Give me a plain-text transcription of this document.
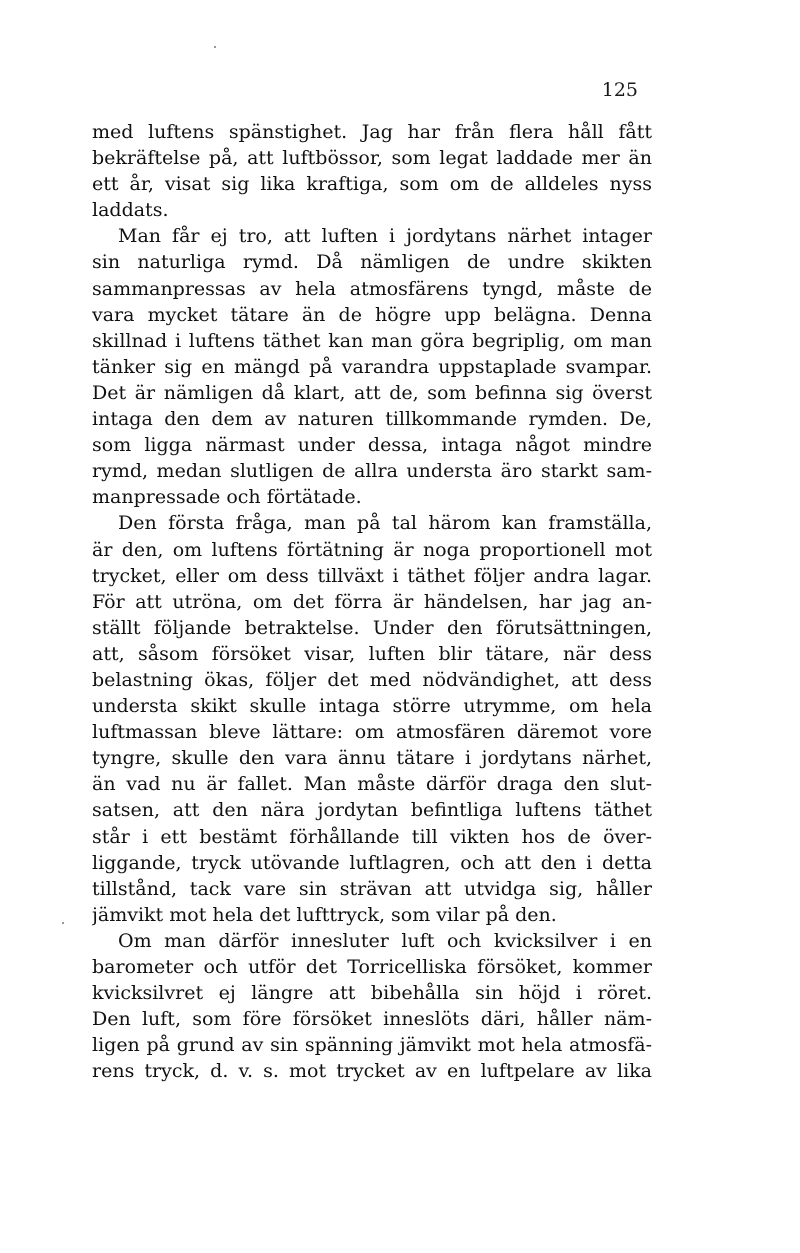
125
med luftens spänstighet. Jag har från flera håll fått
bekräftelse på, att luftbössor, som legat laddade mer än
ett år, visat sig lika kraftiga, som om de alldeles nyss
laddats.
Man får ej tro, att luften i jordytans närhet intager
sin naturliga rymd. Då nämligen de undre skikten
sammanpressas av hela atmosfärens tyngd, måste de
vara mycket tätare än de högre upp belägna. Denna
skillnad i luftens täthet kan man göra begriplig, om man
tänker sig en mängd på varandra uppstaplade svampar.
Det är nämligen då klart, att de, som befinna sig överst
intaga den dem av naturen tillkommande rymden. De,
som ligga närmast under dessa, intaga något mindre
rymd, medan slutligen de allra understa äro starkt sam-
manpressade och förtätade.
Den första fråga, man på tal härom kan framställa,
är den, om luftens förtätning är noga proportionell mot
trycket, eller om dess tillväxt i täthet följer andra lagar.
För att utröna, om det förra är händelsen, har jag an-
ställt följande betraktelse. Under den förutsättningen,
att, såsom försöket visar, luften blir tätare, när dess
belastning ökas, följer det med nödvändighet, att dess
understa skikt skulle intaga större utrymme, om hela
luftmassan bleve lättare: om atmosfären däremot vore
tyngre, skulle den vara ännu tätare i jordytans närhet,
än vad nu är fallet. Man måste därför draga den slut-
satsen, att den nära jordytan befintliga luftens täthet
står i ett bestämt förhållande till vikten hos de över-
liggande, tryck utövande luftlagren, och att den i detta
tillstånd, tack vare sin strävan att utvidga sig, håller
jämvikt mot hela det lufttryck, som vilar på den.
Om man därför innesluter luft och kvicksilver i en
barometer och utför det Torricelliska försöket, kommer
kvicksilvret ej längre att bibehålla sin höjd i röret.
Den luft, som före försöket inneslöts däri, håller näm-
ligen på grund av sin spänning jämvikt mot hela atmosfä-
rens tryck, d. v. s. mot trycket av en luftpelare av lika
